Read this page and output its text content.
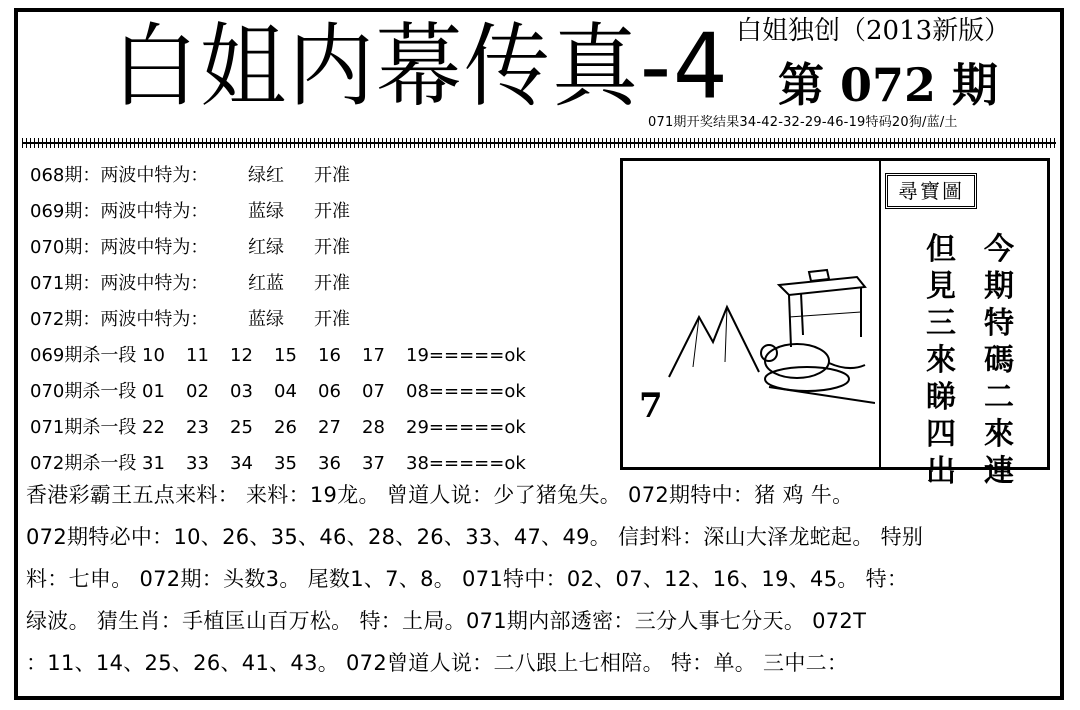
白姐内幕传真-4 白姐独创（2013新版）
第 072 期
071期开奖结果34-42-32-29-46-19特码20狗/蓝/土
068期：两波中特为：	绿红	开准
069期：两波中特为：	蓝绿	开准
070期：两波中特为：	红绿	开准
071期：两波中特为：	红蓝	开准
072期：两波中特为：	蓝绿	开准
069期杀一段 10	11	12	15	16	17	19=====ok
070期杀一段 01	02	03	04	06	07	08=====ok
071期杀一段 22	23	25	26	27	28	29=====ok
072期杀一段 31	33	34	35	36	37	38=====ok
7
尋寶圖
今期特碼二來連
但見三來睇四出
香港彩霸王五点来料： 来料：19龙。 曾道人说：少了猪兔失。 072期特中：猪 鸡 牛。
072期特必中：10、26、35、46、28、26、33、47、49。 信封料：深山大泽龙蛇起。 特别
料：七申。 072期：头数3。 尾数1、7、8。 071特中：02、07、12、16、19、45。 特：
绿波。 猜生肖：手植匡山百万松。 特：土局。071期内部透密：三分人事七分天。 072T
：11、14、25、26、41、43。 072曾道人说：二八跟上七相陪。 特：单。 三中二：
